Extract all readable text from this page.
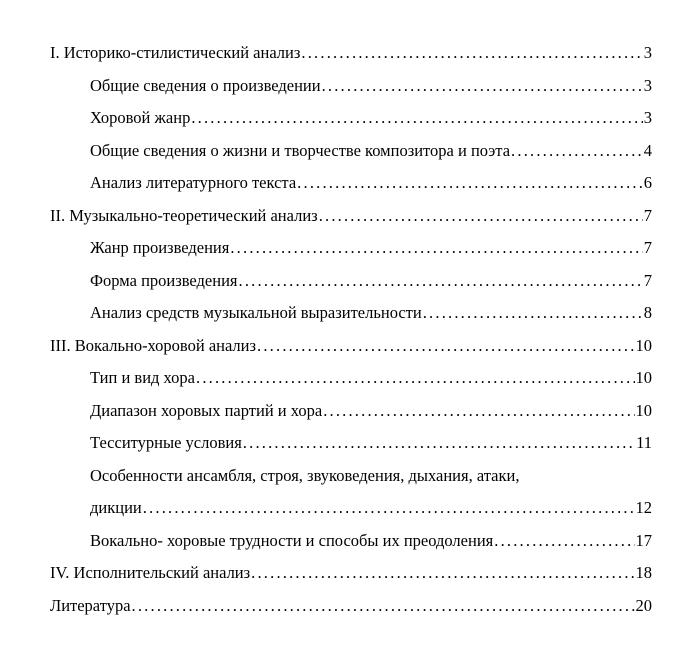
I. Историко-стилистический анализ .....	3
Общие сведения о произведении .....	3
Хоровой жанр .....	3
Общие сведения о жизни и творчестве композитора и поэта .....	4
Анализ литературного текста .....	6
II. Музыкально-теоретический анализ .....	7
Жанр произведения .....	7
Форма произведения .....	7
Анализ средств музыкальной выразительности .....	8
III. Вокально-хоровой анализ .....	10
Тип и вид хора .....	10
Диапазон хоровых партий и хора .....	10
Тесситурные условия .....	11
Особенности ансамбля, строя, звуковедения, дыхания, атаки,
дикции .....	12
Вокально- хоровые трудности и способы их преодоления .....	17
IV. Исполнительский анализ .....	18
Литература .....	20
